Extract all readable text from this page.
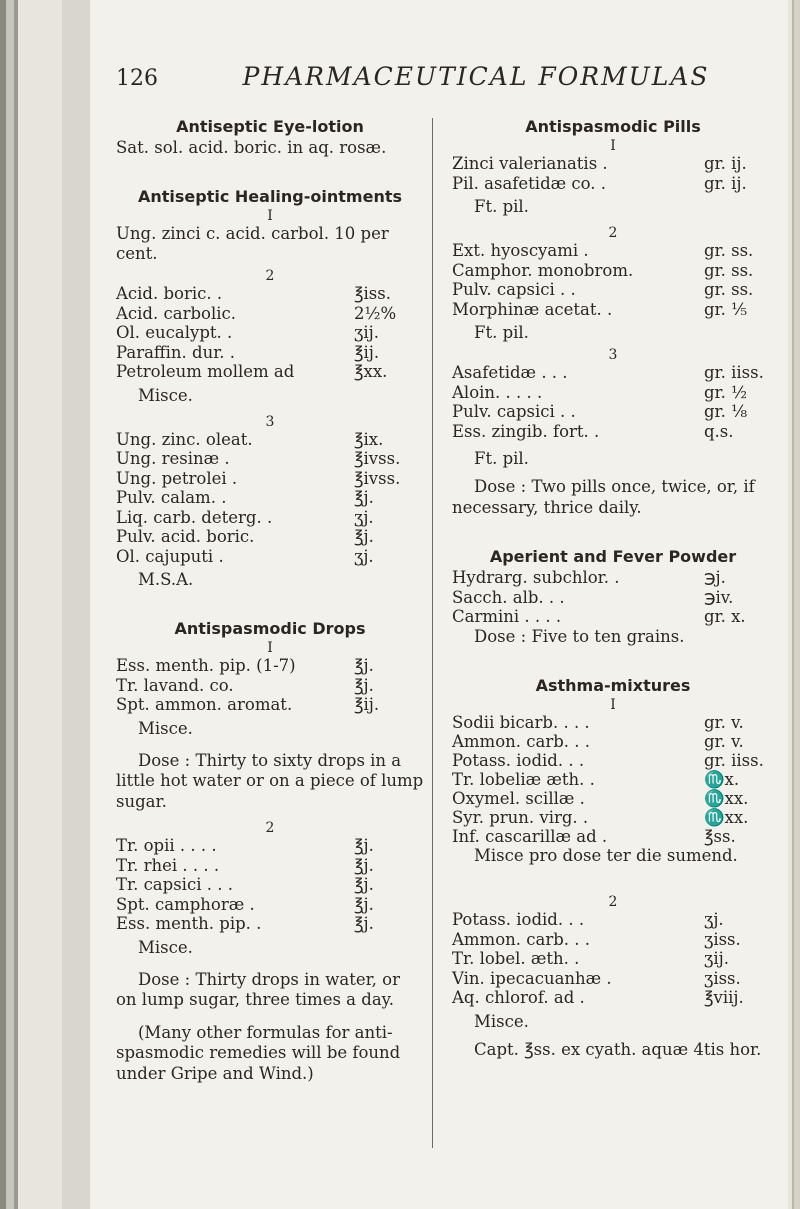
126	PHARMACEUTICAL FORMULAS

Antiseptic Eye-lotion

Sat. sol. acid. boric. in aq. rosæ.

Antiseptic Healing-ointments

I

Ung. zinci c. acid. carbol. 10 per cent.

2
Acid. boric. .	℥iss.
Acid. carbolic.	2½%
Ol. eucalypt. .	ʒij.
Paraffin. dur. .	℥ij.
Petroleum mollem ad	℥xx.

Misce.

3
Ung. zinc. oleat.	℥ix.
Ung. resinæ .	℥ivss.
Ung. petrolei .	℥ivss.
Pulv. calam. .	℥j.
Liq. carb. deterg. .	ʒj.
Pulv. acid. boric.	℥j.
Ol. cajuputi .	ʒj.

M.S.A.

Antispasmodic Drops

I
Ess. menth. pip. (1-7)	℥j.
Tr. lavand. co.	℥j.
Spt. ammon. aromat.	℥ij.

Misce.

Dose : Thirty to sixty drops in a little hot water or on a piece of lump sugar.

2
Tr. opii . . . .	℥j.
Tr. rhei . . . .	℥j.
Tr. capsici . . .	℥j.
Spt. camphoræ .	℥j.
Ess. menth. pip. .	℥j.

Misce.

Dose : Thirty drops in water, or on lump sugar, three times a day.

(Many other formulas for anti-spasmodic remedies will be found under Gripe and Wind.)

Antispasmodic Pills

I
Zinci valerianatis .	gr. ij.
Pil. asafetidæ co. .	gr. ij.

Ft. pil.

2
Ext. hyoscyami .	gr. ss.
Camphor. monobrom.	gr. ss.
Pulv. capsici . .	gr. ss.
Morphinæ acetat. .	gr. ⅕

Ft. pil.

3
Asafetidæ . . .	gr. iiss.
Aloin. . . . .	gr. ½
Pulv. capsici . .	gr. ⅛
Ess. zingib. fort. .	q.s.

Ft. pil.

Dose : Two pills once, twice, or, if necessary, thrice daily.

Aperient and Fever Powder

Hydrarg. subchlor. .	℈j.
Sacch. alb. . .	℈iv.
Carmini . . . .	gr. x.

Dose : Five to ten grains.

Asthma-mixtures

I
Sodii bicarb. . . .	gr. v.
Ammon. carb. . .	gr. v.
Potass. iodid. . .	gr. iiss.
Tr. lobeliæ æth. .	♏x.
Oxymel. scillæ .	♏xx.
Syr. prun. virg. .	♏xx.
Inf. cascarillæ ad .	℥ss.

Misce pro dose ter die sumend.

2
Potass. iodid. . .	ʒj.
Ammon. carb. . .	ʒiss.
Tr. lobel. æth. .	ʒij.
Vin. ipecacuanhæ .	ʒiss.
Aq. chlorof. ad .	℥viij.

Misce.

Capt. ℥ss. ex cyath. aquæ 4tis hor.
